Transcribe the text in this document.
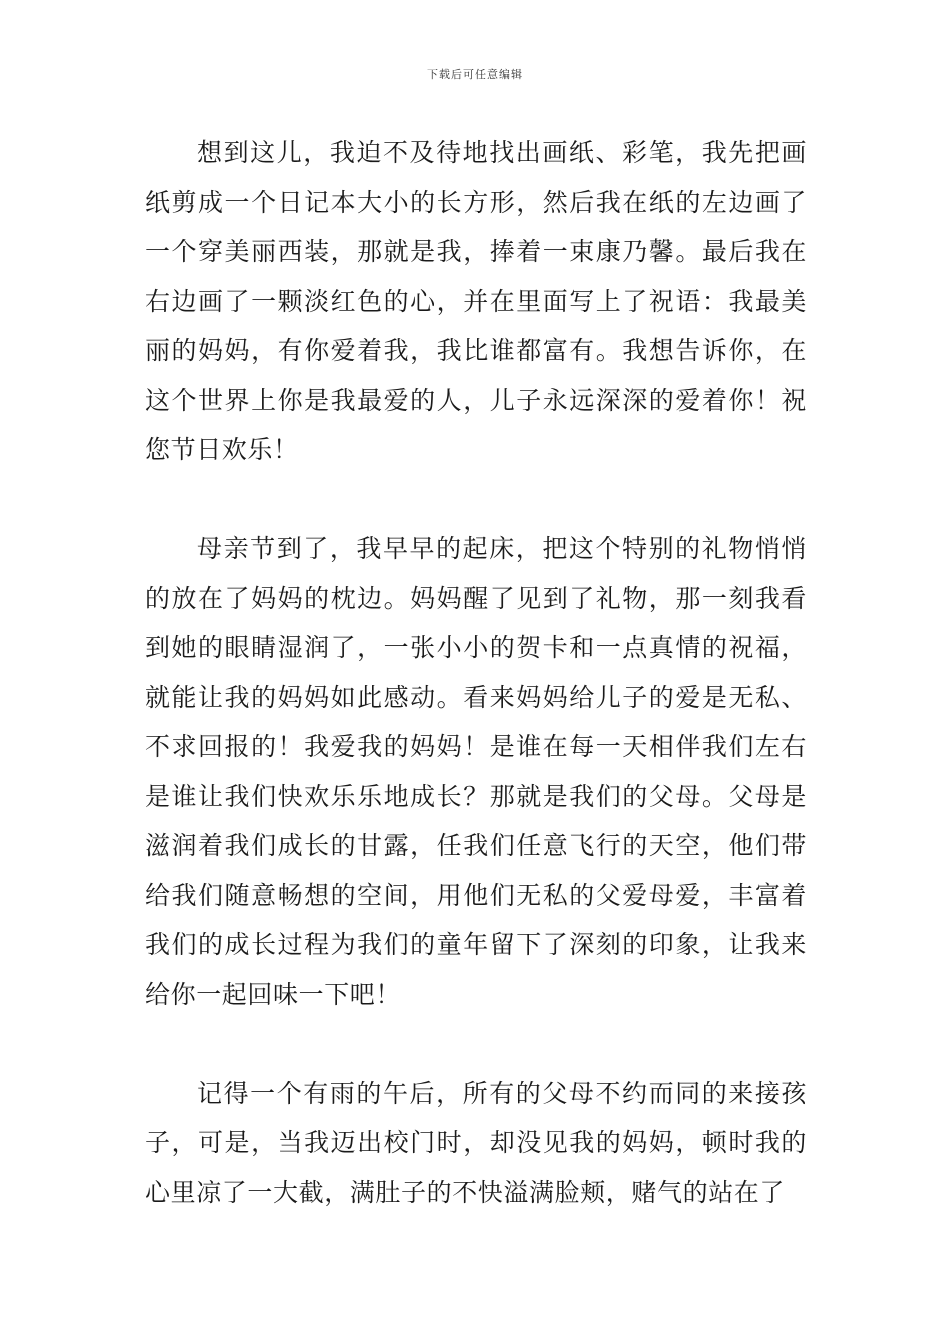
下载后可任意编辑

想到这儿，我迫不及待地找出画纸、彩笔，我先把画纸剪成一个日记本大小的长方形，然后我在纸的左边画了一个穿美丽西装，那就是我，捧着一束康乃馨。最后我在右边画了一颗淡红色的心，并在里面写上了祝语：我最美丽的妈妈，有你爱着我，我比谁都富有。我想告诉你，在这个世界上你是我最爱的人，儿子永远深深的爱着你！祝您节日欢乐！

母亲节到了，我早早的起床，把这个特别的礼物悄悄的放在了妈妈的枕边。妈妈醒了见到了礼物，那一刻我看到她的眼睛湿润了，一张小小的贺卡和一点真情的祝福，就能让我的妈妈如此感动。看来妈妈给儿子的爱是无私、不求回报的！我爱我的妈妈！是谁在每一天相伴我们左右是谁让我们快欢乐乐地成长？那就是我们的父母。父母是滋润着我们成长的甘露，任我们任意飞行的天空，他们带给我们随意畅想的空间，用他们无私的父爱母爱，丰富着我们的成长过程为我们的童年留下了深刻的印象，让我来给你一起回味一下吧！

记得一个有雨的午后，所有的父母不约而同的来接孩子，可是，当我迈出校门时，却没见我的妈妈，顿时我的心里凉了一大截，满肚子的不快溢满脸颊，赌气的站在了
